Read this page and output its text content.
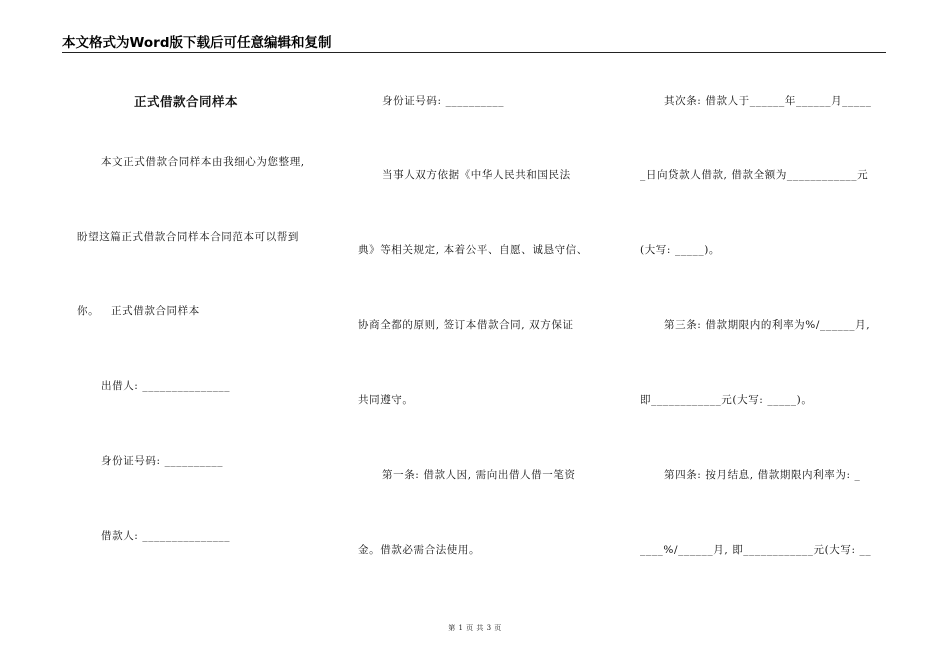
本文格式为Word版下载后可任意编辑和复制
正式借款合同样本
本文正式借款合同样本由我细心为您整理,
盼望这篇正式借款合同样本合同范本可以帮到
你。   正式借款合同样本
出借人: _______________
身份证号码: __________
借款人: _______________
身份证号码: __________
当事人双方依据《中华人民共和国民法
典》等相关规定, 本着公平、自愿、诚恳守信、
协商全都的原则, 签订本借款合同, 双方保证
共同遵守。
第一条: 借款人因, 需向出借人借一笔资
金。借款必需合法使用。
其次条: 借款人于______年______月_____
_日向贷款人借款, 借款全额为____________元
(大写: _____)。
第三条: 借款期限内的利率为%/______月,
即____________元(大写: _____)。
第四条: 按月结息, 借款期限内利率为: _
____%/______月, 即____________元(大写: __
第 1 页 共 3 页
